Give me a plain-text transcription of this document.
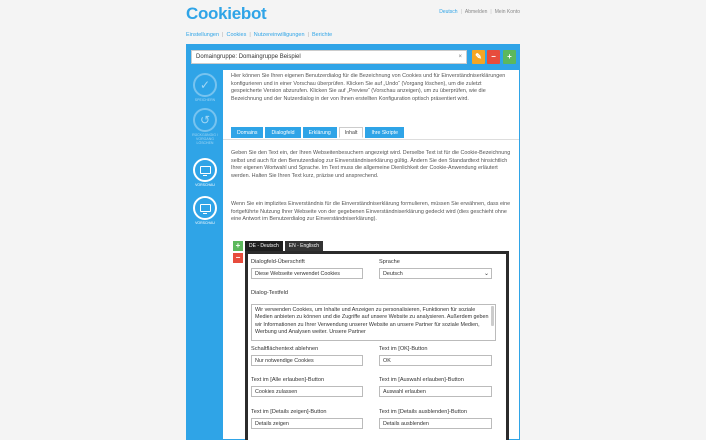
Cookiebot	Deutsch | Abmelden | Mein Konto
Einstellungen | Cookies | Nutzereinwilligungen | Berichte
Domaingruppe: Domaingruppe Beispiel	×	✎	−	+
✓
SPEICHERN
↺
RÜCKGÄNGIG / VORGANG LÖSCHEN
VORSCHAU
VORSCHAU

Hier können Sie Ihren eigenen Benutzerdialog für die Bezeichnung von Cookies und für Einverständniserklärungen konfigurieren und in einer Vorschau überprüfen. Klicken Sie auf „Undo“ (Vorgang löschen), um die zuletzt gespeicherte Version abzurufen. Klicken Sie auf „Preview“ (Vorschau anzeigen), um zu überprüfen, wie die Bezeichnung und der Nutzerdialog in der von Ihnen erstellten Konfiguration optisch präsentiert wird.

Domains	Dialogfeld	Erklärung	Inhalt	Ihre Skripte

Geben Sie den Text ein, der Ihren Webseitenbesuchern angezeigt wird. Derselbe Text ist für die Cookie-Bezeichnung selbst und auch für den Benutzerdialog zur Einverständniserklärung gültig. Ändern Sie den Standardtext hinsichtlich Ihrer eigenen Wortwahl und Sprache. Im Text muss die allgemeine Dienlichkeit der Cookie-Anwendung erläutert werden. Halten Sie Ihren Text kurz, präzise und ansprechend.

Wenn Sie ein implizites Einverständnis für die Einverständniserklärung formulieren, müssen Sie erwähnen, dass eine fortgeführte Nutzung Ihrer Webseite von der gegebenen Einverständniserklärung gedeckt wird (dies geschieht ohne eine Antwort im Benutzerdialog zur Einverständniserklärung).

+
−
DE - Deutsch	EN - Englisch
Dialogfeld-Überschrift
Diese Webseite verwendet Cookies
Sprache
Deutsch	⌄
Dialog-Textfeld
Wir verwenden Cookies, um Inhalte und Anzeigen zu personalisieren, Funktionen für soziale Medien anbieten zu können und die Zugriffe auf unsere Website zu analysieren. Außerdem geben wir Informationen zu Ihrer Verwendung unserer Website an unsere Partner für soziale Medien, Werbung und Analysen weiter. Unsere Partner
Schaltflächentext ablehnen
Nur notwendige Cookies
Text im [OK]-Button
OK
Text im [Alle erlauben]-Button
Cookies zulassen
Text im [Auswahl erlauben]-Button
Auswahl erlauben
Text im [Details zeigen]-Button
Details zeigen
Text im [Details ausblenden]-Button
Details ausblenden
